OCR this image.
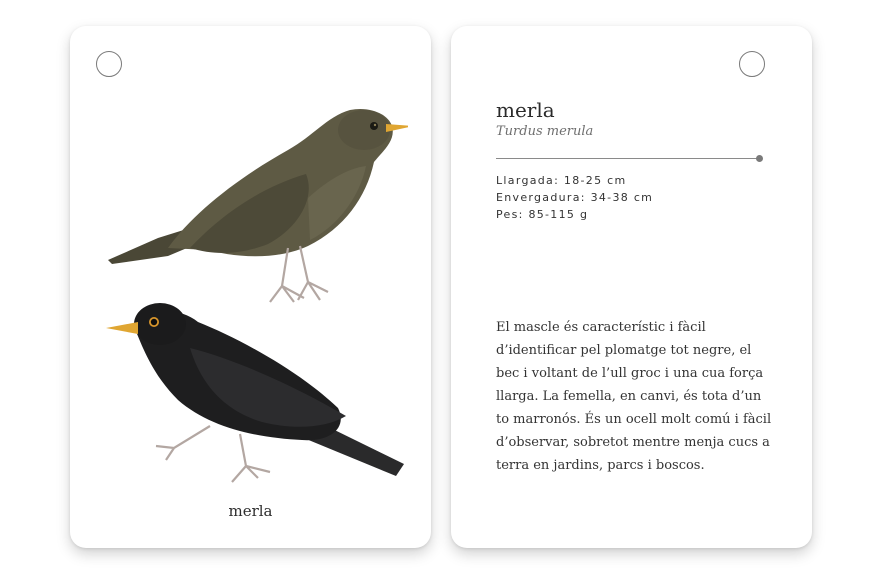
merla
merla
Turdus merula
Llargada: 18-25 cm
Envergadura: 34-38 cm
Pes: 85-115 g
El mascle és característic i fàcil d’identificar pel plomatge tot negre, el bec i voltant de l’ull groc i una cua força llarga. La femella, en canvi, és tota d’un to marronós. És un ocell molt comú i fàcil d’observar, sobretot mentre menja cucs a terra en jardins, parcs i boscos.
